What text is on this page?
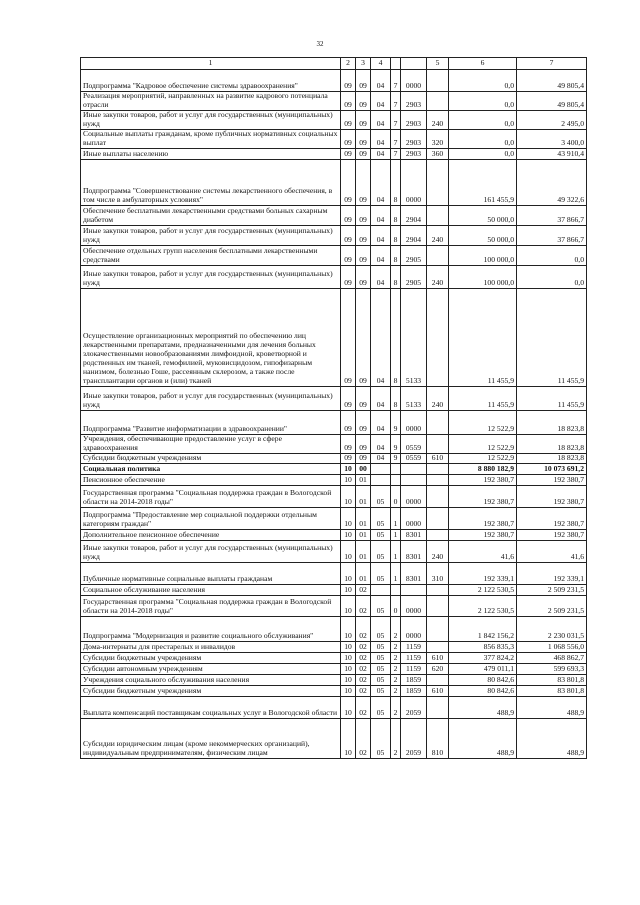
32
1	2	3	4			5	6	7
Подпрограмма "Кадровое обеспечение системы здравоохранения"	09	09	04	7	0000		0,0	49 805,4
Реализация мероприятий, направленных на развитие кадрового потенциала отрасли	09	09	04	7	2903		0,0	49 805,4
Иные закупки товаров, работ и услуг для государственных (муниципальных) нужд	09	09	04	7	2903	240	0,0	2 495,0
Социальные выплаты гражданам, кроме публичных нормативных социальных выплат	09	09	04	7	2903	320	0,0	3 400,0
Иные выплаты населению	09	09	04	7	2903	360	0,0	43 910,4
Подпрограмма "Совершенствование системы лекарственного обеспечения, в том числе в амбулаторных условиях"	09	09	04	8	0000		161 455,9	49 322,6
Обеспечение бесплатными лекарственными средствами больных сахарным диабетом	09	09	04	8	2904		50 000,0	37 866,7
Иные закупки товаров, работ и услуг для государственных (муниципальных) нужд	09	09	04	8	2904	240	50 000,0	37 866,7
Обеспечение отдельных групп населения бесплатными лекарственными средствами	09	09	04	8	2905		100 000,0	0,0
Иные закупки товаров, работ и услуг для государственных (муниципальных) нужд	09	09	04	8	2905	240	100 000,0	0,0
Осуществление организационных мероприятий по обеспечению лиц лекарственными препаратами, предназначенными для лечения больных злокачественными новообразованиями лимфоидной, кроветворной и родственных им тканей, гемофилией, муковисцидозом, гипофизарным нанизмом, болезнью Гоше, рассеянным склерозом, а также после трансплантации органов и (или) тканей	09	09	04	8	5133		11 455,9	11 455,9
Иные закупки товаров, работ и услуг для государственных (муниципальных) нужд	09	09	04	8	5133	240	11 455,9	11 455,9
Подпрограмма "Развитие информатизации в здравоохранении"	09	09	04	9	0000		12 522,9	18 823,8
Учреждения, обеспечивающие предоставление услуг в сфере здравоохранения	09	09	04	9	0559		12 522,9	18 823,8
Субсидии бюджетным учреждениям	09	09	04	9	0559	610	12 522,9	18 823,8
Социальная политика	10	00					8 880 182,9	10 073 691,2
Пенсионное обеспечение	10	01					192 380,7	192 380,7
Государственная программа "Социальная поддержка граждан в Вологодской области на 2014-2018 годы"	10	01	05	0	0000		192 380,7	192 380,7
Подпрограмма "Предоставление мер социальной поддержки отдельным категориям граждан"	10	01	05	1	0000		192 380,7	192 380,7
Дополнительное пенсионное обеспечение	10	01	05	1	8301		192 380,7	192 380,7
Иные закупки товаров, работ и услуг для государственных (муниципальных) нужд	10	01	05	1	8301	240	41,6	41,6
Публичные нормативные социальные выплаты гражданам	10	01	05	1	8301	310	192 339,1	192 339,1
Социальное обслуживание населения	10	02					2 122 530,5	2 509 231,5
Государственная программа "Социальная поддержка граждан в Вологодской области на 2014-2018 годы"	10	02	05	0	0000		2 122 530,5	2 509 231,5
Подпрограмма "Модернизация и развитие социального обслуживания"	10	02	05	2	0000		1 842 156,2	2 230 031,5
Дома-интернаты для престарелых и инвалидов	10	02	05	2	1159		856 835,3	1 068 556,0
Субсидии бюджетным учреждениям	10	02	05	2	1159	610	377 824,2	468 862,7
Субсидии автономным учреждениям	10	02	05	2	1159	620	479 011,1	599 693,3
Учреждения социального обслуживания населения	10	02	05	2	1859		80 842,6	83 801,8
Субсидии бюджетным учреждениям	10	02	05	2	1859	610	80 842,6	83 801,8
Выплата компенсаций поставщикам социальных услуг в Вологодской области	10	02	05	2	2059		488,9	488,9
Субсидии юридическим лицам (кроме некоммерческих организаций), индивидуальным предпринимателям, физическим лицам	10	02	05	2	2059	810	488,9	488,9
